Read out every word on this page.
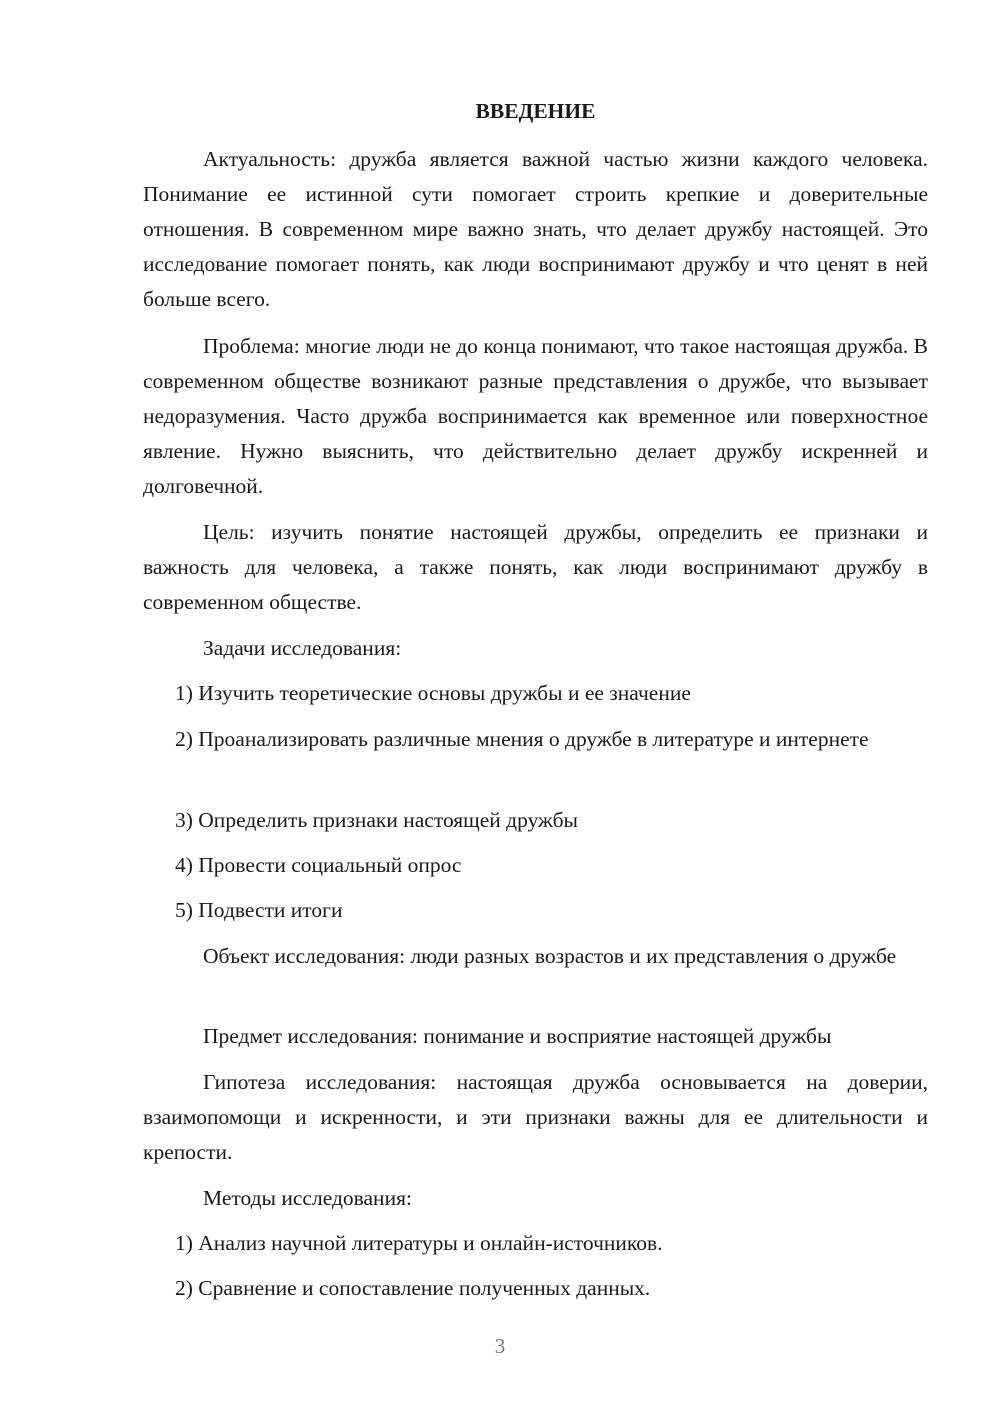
ВВЕДЕНИЕ

Актуальность: дружба является важной частью жизни каждого человека. Понимание ее истинной сути помогает строить крепкие и доверительные отношения. В современном мире важно знать, что делает дружбу настоящей. Это исследование помогает понять, как люди воспринимают дружбу и что ценят в ней больше всего.

Проблема: многие люди не до конца понимают, что такое настоящая дружба. В современном обществе возникают разные представления о дружбе, что вызывает недоразумения. Часто дружба воспринимается как временное или поверхностное явление. Нужно выяснить, что действительно делает дружбу искренней и долговечной.

Цель: изучить понятие настоящей дружбы, определить ее признаки и важность для человека, а также понять, как люди воспринимают дружбу в современном обществе.

Задачи исследования:

1) Изучить теоретические основы дружбы и ее значение

2) Проанализировать различные мнения о дружбе в литературе и интернете

3) Определить признаки настоящей дружбы

4) Провести социальный опрос

5) Подвести итоги

Объект исследования: люди разных возрастов и их представления о дружбе

Предмет исследования: понимание и восприятие настоящей дружбы

Гипотеза исследования: настоящая дружба основывается на доверии, взаимопомощи и искренности, и эти признаки важны для ее длительности и крепости.

Методы исследования:

1) Анализ научной литературы и онлайн-источников.

2) Сравнение и сопоставление полученных данных.

3
